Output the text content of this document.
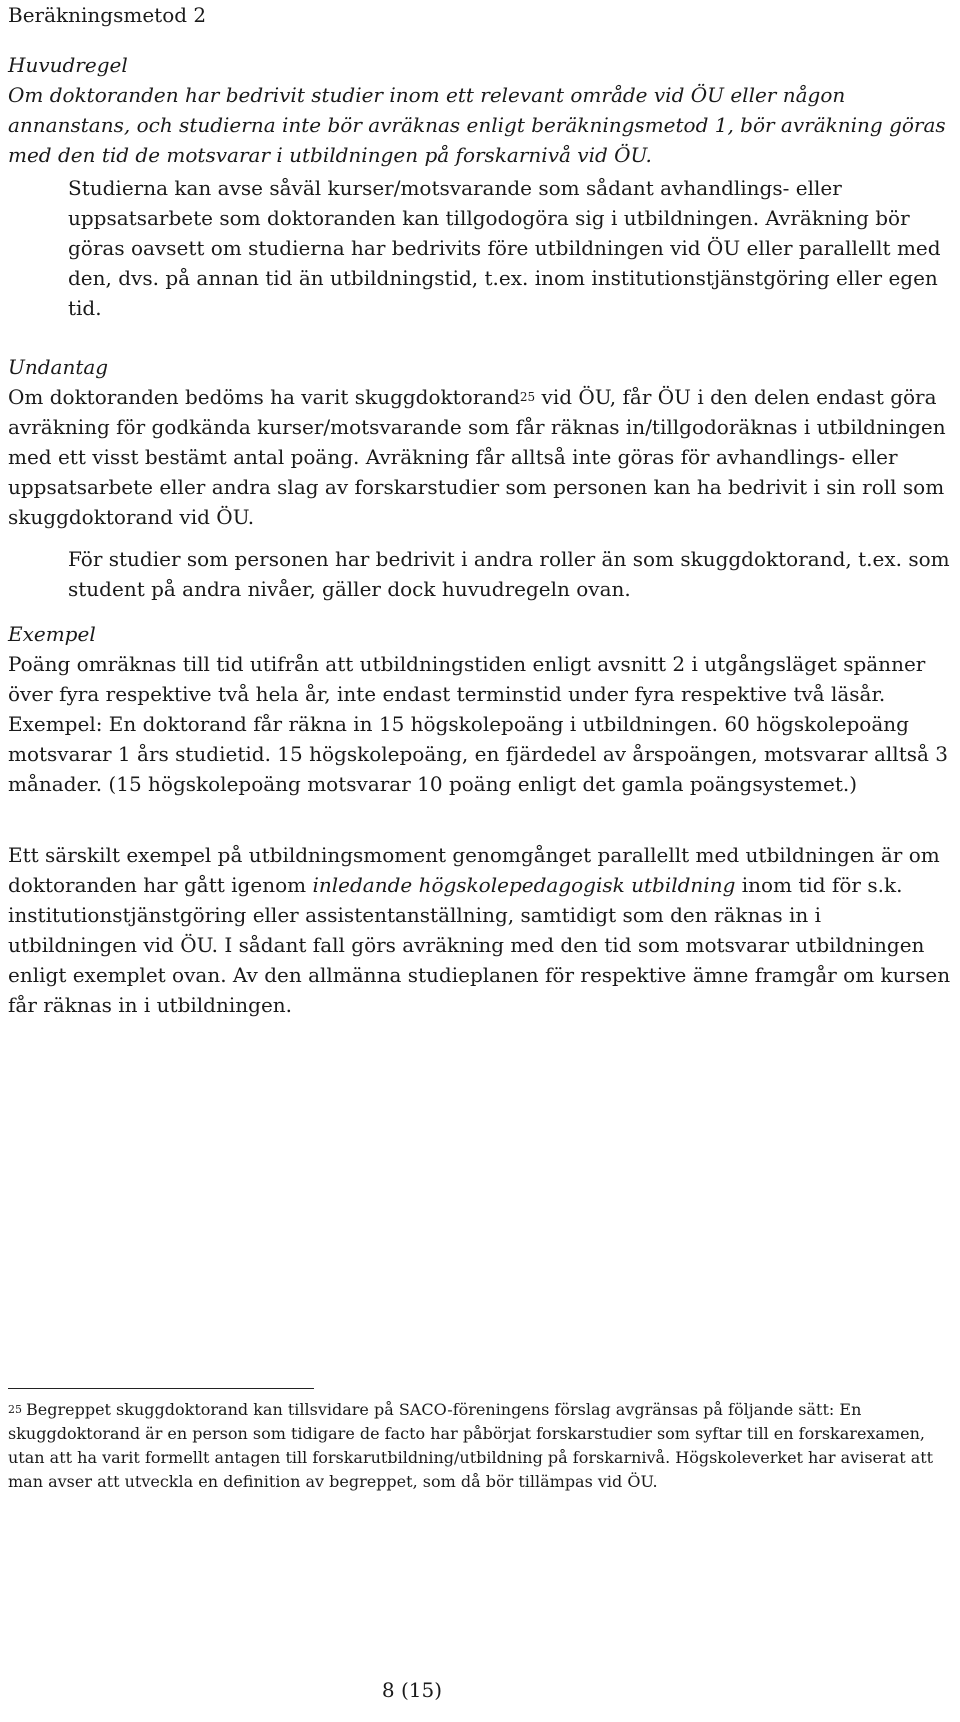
Beräkningsmetod 2

Huvudregel

Om doktoranden har bedrivit studier inom ett relevant område vid ÖU eller någon annanstans, och studierna inte bör avräknas enligt beräkningsmetod 1, bör avräkning göras med den tid de motsvarar i utbildningen på forskarnivå vid ÖU.

Studierna kan avse såväl kurser/motsvarande som sådant avhandlings- eller uppsatsarbete som doktoranden kan tillgodogöra sig i utbildningen. Avräkning bör göras oavsett om studierna har bedrivits före utbildningen vid ÖU eller parallellt med den, dvs. på annan tid än utbildningstid, t.ex. inom institutionstjänstgöring eller egen tid.

Undantag

Om doktoranden bedöms ha varit skuggdoktorand$^{25}$ vid ÖU, får ÖU i den delen endast göra avräkning för godkända kurser/motsvarande som får räknas in/tillgodoräknas i utbildningen med ett visst bestämt antal poäng. Avräkning får alltså inte göras för avhandlings- eller uppsatsarbete eller andra slag av forskarstudier som personen kan ha bedrivit i sin roll som skuggdoktorand vid ÖU.

För studier som personen har bedrivit i andra roller än som skuggdoktorand, t.ex. som student på andra nivåer, gäller dock huvudregeln ovan.

Exempel

Poäng omräknas till tid utifrån att utbildningstiden enligt avsnitt 2 i utgångsläget spänner över fyra respektive två hela år, inte endast terminstid under fyra respektive två läsår. Exempel: En doktorand får räkna in 15 högskolepoäng i utbildningen. 60 högskolepoäng motsvarar 1 års studietid. 15 högskolepoäng, en fjärdedel av årspoängen, motsvarar alltså 3 månader. (15 högskolepoäng motsvarar 10 poäng enligt det gamla poängsystemet.)

Ett särskilt exempel på utbildningsmoment genomgånget parallellt med utbildningen är om doktoranden har gått igenom inledande högskolepedagogisk utbildning inom tid för s.k. institutionstjänstgöring eller assistentanställning, samtidigt som den räknas in i utbildningen vid ÖU. I sådant fall görs avräkning med den tid som motsvarar utbildningen enligt exemplet ovan. Av den allmänna studieplanen för respektive ämne framgår om kursen får räknas in i utbildningen.

$^{25}$ Begreppet skuggdoktorand kan tillsvidare på SACO-föreningens förslag avgränsas på följande sätt: En skuggdoktorand är en person som tidigare de facto har påbörjat forskarstudier som syftar till en forskarexamen, utan att ha varit formellt antagen till forskarutbildning/utbildning på forskarnivå. Högskoleverket har aviserat att man avser att utveckla en definition av begreppet, som då bör tillämpas vid ÖU.

8 (15)
